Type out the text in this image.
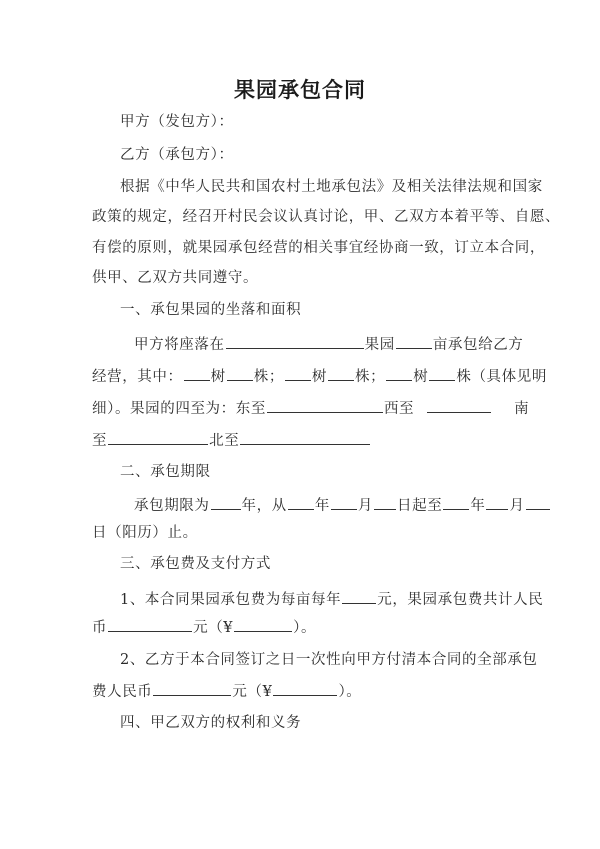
果园承包合同
甲方（发包方）：
乙方（承包方）：
根据《中华人民共和国农村土地承包法》及相关法律法规和国家
政策的规定，经召开村民会议认真讨论，甲、乙双方本着平等、自愿、
有偿的原则，就果园承包经营的相关事宜经协商一致，订立本合同，
供甲、乙双方共同遵守。
一、承包果园的坐落和面积
甲方将座落在	果园	亩承包给乙方
经营，其中： 树 株； 树 株； 树 株（具体见明
细）。果园的四至为：东至	西至	南
至	北至
二、承包期限
承包期限为 年，从 年 月 日起至 年 月
日（阳历）止。
三、承包费及支付方式
1、本合同果园承包费为每亩每年 元，果园承包费共计人民
币	元（¥	）。
2、乙方于本合同签订之日一次性向甲方付清本合同的全部承包
费人民币	元（¥	）。
四、甲乙双方的权利和义务
